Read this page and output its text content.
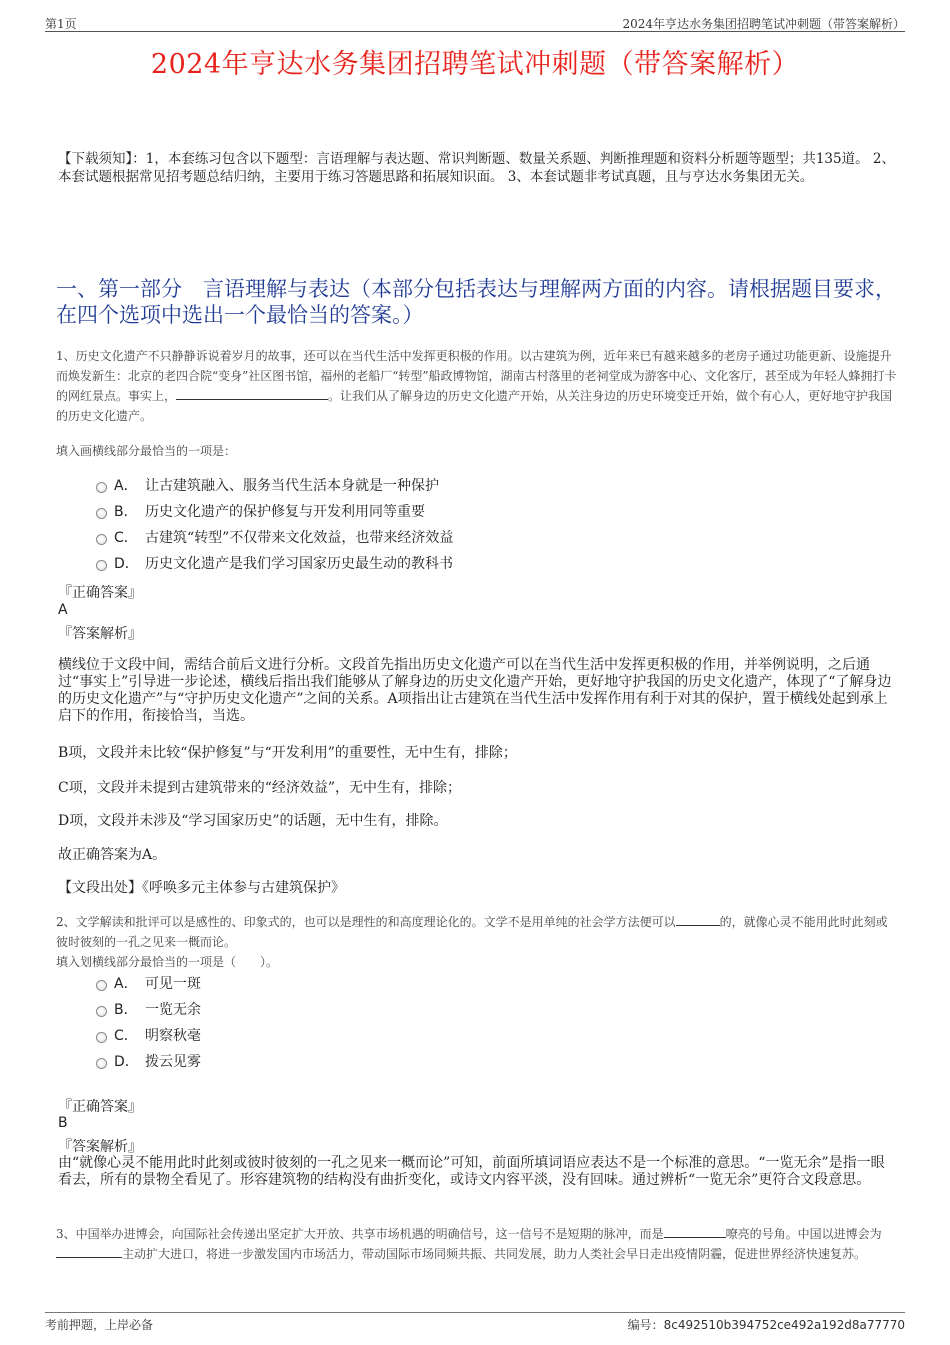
第1页	2024年亨达水务集团招聘笔试冲刺题（带答案解析）
2024年亨达水务集团招聘笔试冲刺题（带答案解析）
【下载须知】：1，本套练习包含以下题型：言语理解与表达题、常识判断题、数量关系题、判断推理题和资料分析题等题型；共135道。 2、本套试题根据常见招考题总结归纳，主要用于练习答题思路和拓展知识面。 3、本套试题非考试真题，且与亨达水务集团无关。
一、第一部分　言语理解与表达（本部分包括表达与理解两方面的内容。请根据题目要求，在四个选项中选出一个最恰当的答案。）
1、历史文化遗产不只静静诉说着岁月的故事，还可以在当代生活中发挥更积极的作用。以古建筑为例，近年来已有越来越多的老房子通过功能更新、设施提升而焕发新生：北京的老四合院“变身”社区图书馆，福州的老船厂“转型”船政博物馆，湖南古村落里的老祠堂成为游客中心、文化客厅，甚至成为年轻人蜂拥打卡的网红景点。事实上，	。让我们从了解身边的历史文化遗产开始，从关注身边的历史环境变迁开始，做个有心人，更好地守护我国的历史文化遗产。
填入画横线部分最恰当的一项是：
A． 让古建筑融入、服务当代生活本身就是一种保护
B． 历史文化遗产的保护修复与开发利用同等重要
C． 古建筑“转型”不仅带来文化效益，也带来经济效益
D． 历史文化遗产是我们学习国家历史最生动的教科书
『正确答案』
A
『答案解析』
横线位于文段中间，需结合前后文进行分析。文段首先指出历史文化遗产可以在当代生活中发挥更积极的作用，并举例说明，之后通过“事实上”引导进一步论述，横线后指出我们能够从了解身边的历史文化遗产开始，更好地守护我国的历史文化遗产，体现了“了解身边的历史文化遗产”与“守护历史文化遗产”之间的关系。A项指出让古建筑在当代生活中发挥作用有利于对其的保护，置于横线处起到承上启下的作用，衔接恰当，当选。
B项，文段并未比较“保护修复”与“开发利用”的重要性，无中生有，排除；
C项，文段并未提到古建筑带来的“经济效益”，无中生有，排除；
D项，文段并未涉及“学习国家历史”的话题，无中生有，排除。
故正确答案为A。
【文段出处】《呼唤多元主体参与古建筑保护》
2、文学解读和批评可以是感性的、印象式的，也可以是理性的和高度理论化的。文学不是用单纯的社会学方法便可以	的，就像心灵不能用此时此刻或彼时彼刻的一孔之见来一概而论。
填入划横线部分最恰当的一项是（　　）。
A． 可见一斑
B． 一览无余
C． 明察秋毫
D． 拨云见雾
『正确答案』
B
『答案解析』
由“就像心灵不能用此时此刻或彼时彼刻的一孔之见来一概而论”可知，前面所填词语应表达不是一个标准的意思。“一览无余”是指一眼看去，所有的景物全看见了。形容建筑物的结构没有曲折变化，或诗文内容平淡，没有回味。通过辨析“一览无余”更符合文段意思。
3、中国举办进博会，向国际社会传递出坚定扩大开放、共享市场机遇的明确信号，这一信号不是短期的脉冲，而是	嘹亮的号角。中国以进博会为主动扩大进口，将进一步激发国内市场活力，带动国际市场同频共振、共同发展，助力人类社会早日走出疫情阴霾，促进世界经济快速复苏。
考前押题，上岸必备	编号：8c492510b394752ce492a192d8a77770
